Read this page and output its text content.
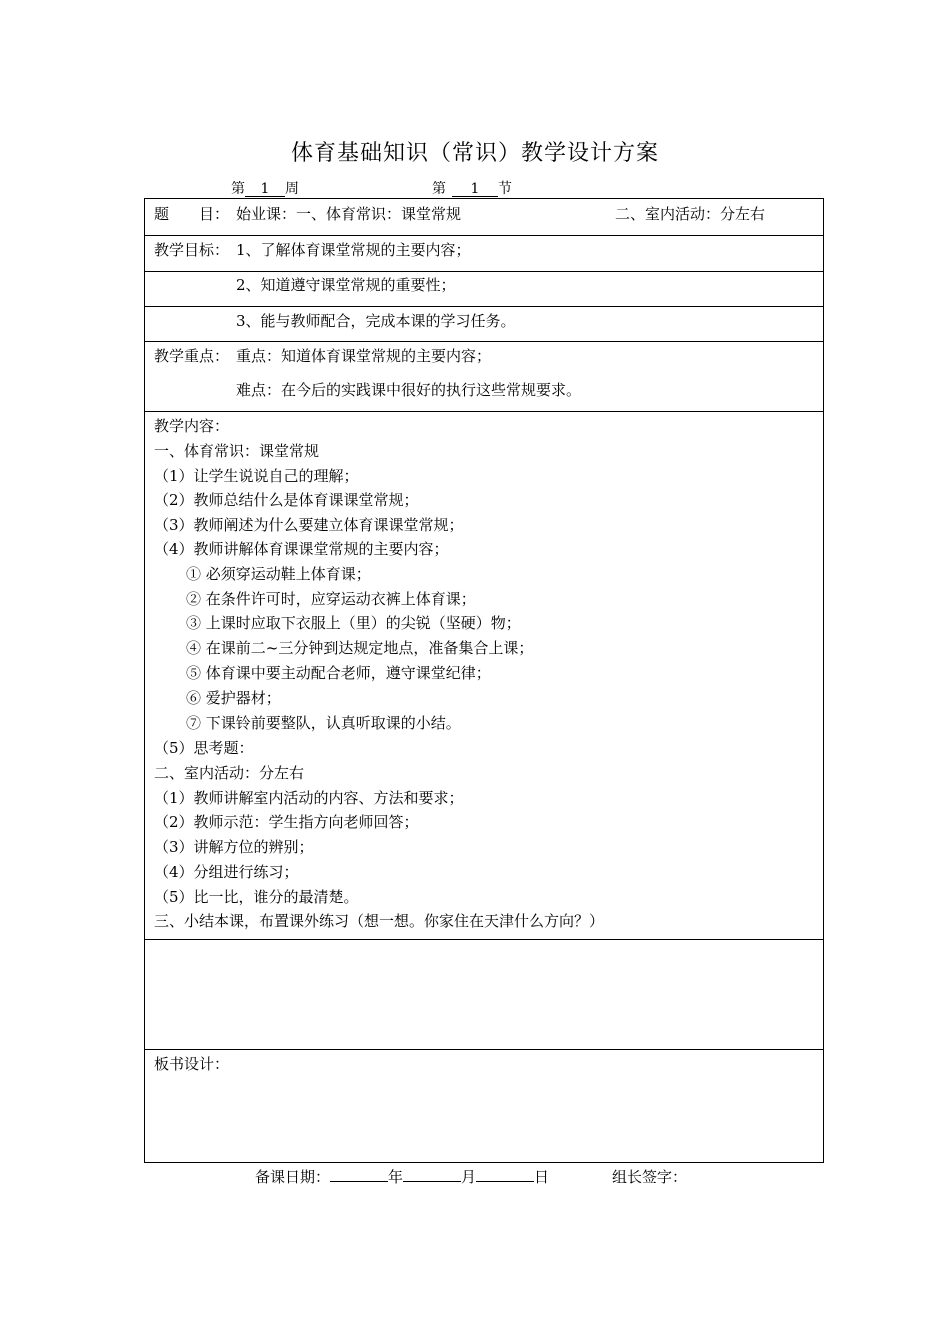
体育基础知识（常识）教学设计方案
第 1 周	第 1 节
题　　目： 始业课：一、体育常识：课堂常规	二、室内活动：分左右
教学目标： 1、了解体育课堂常规的主要内容；
2、知道遵守课堂常规的重要性；
3、能与教师配合，完成本课的学习任务。
教学重点： 重点：知道体育课堂常规的主要内容；
难点：在今后的实践课中很好的执行这些常规要求。
教学内容：
一、体育常识：课堂常规
（1）让学生说说自己的理解；
（2）教师总结什么是体育课课堂常规；
（3）教师阐述为什么要建立体育课课堂常规；
（4）教师讲解体育课课堂常规的主要内容；
① 必须穿运动鞋上体育课；
② 在条件许可时，应穿运动衣裤上体育课；
③ 上课时应取下衣服上（里）的尖锐（坚硬）物；
④ 在课前二~三分钟到达规定地点，准备集合上课；
⑤ 体育课中要主动配合老师，遵守课堂纪律；
⑥ 爱护器材；
⑦ 下课铃前要整队，认真听取课的小结。
（5）思考题：
二、室内活动：分左右
（1）教师讲解室内活动的内容、方法和要求；
（2）教师示范：学生指方向老师回答；
（3）讲解方位的辨别；
（4）分组进行练习；
（5）比一比，谁分的最清楚。
三、小结本课，布置课外练习（想一想。你家住在天津什么方向？）
板书设计：
备课日期：	年	月	日	组长签字：
